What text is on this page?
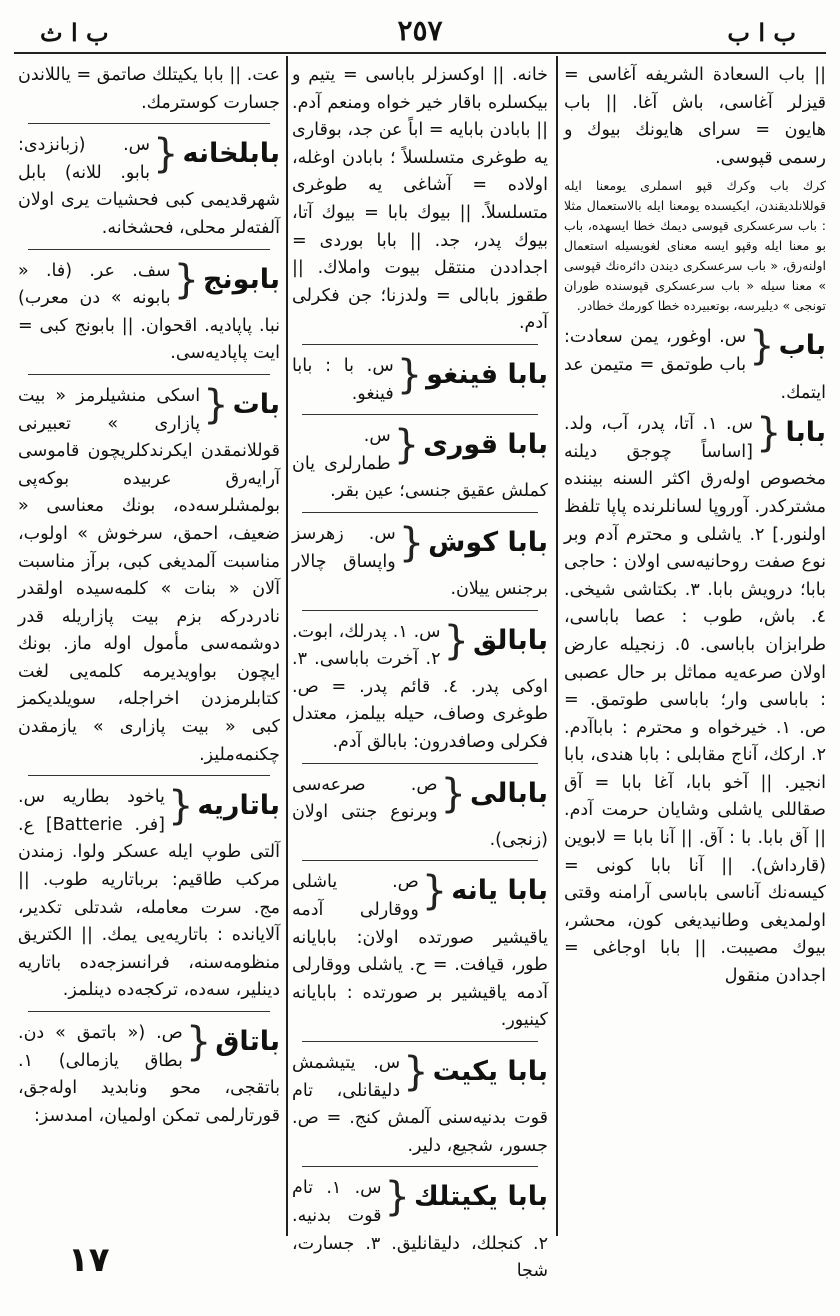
ب ا ث	٢٥٧	ب ا ب

|| باب السعادة الشريفه آغاسى = قيزلر آغاسى، باش آغا. || باب هايون = سراى هايونك بيوك و رسمى قپوسى.

كرك باب وكرك قپو اسملرى يومعنا ايله قوللانلديقندن، ايكيسىده يومعنا ايله بالاستعمال مثلا : باب سرعسكرى قپوسى ديمك خطا ايسهده، باب بو معنا ايله وقپو ايسه معناى لغويسيله استعمال اولنەرق، « باب سرعسكرى ديندن دائرەنك قپوسى » معنا سيله « باب سرعسكرى قپوسنده طوران تونجى » ديليرسه، بوتعبيرده خطا كورمك خطادر.

باب
{
س. اوغور، يمن سعادت: باب طوتمق = متيمن عد ايتمك.
بابا
{
س. ١. آتا، پدر، آب، ولد. [اساساً چوجق ديلنه مخصوص اولەرق اكثر السنه بيننده مشتركدر. آوروپا لسانلرنده پاپا تلفظ اولنور.] ٢. ياشلى و محترم آدم وبر نوع صفت روحانيەسى اولان : حاجى بابا؛ درويش بابا. ٣. بكتاشى شيخى. ٤. باش، طوب : عصا باباسى، طرابزان باباسى. ٥. زنجيله عارض اولان صرعەيه مماثل بر حال عصبى : باباسى وار؛ باباسى طوتمق. = ص. ١. خيرخواه و محترم : باباآدم. ٢. اركك، آناج مقابلى : بابا هندى، بابا انجير. || آخو بابا، آغا بابا = آق صقاللى ياشلى وشايان حرمت آدم. || آق بابا. با : آق. || آنا بابا = لابوين (قارداش). || آنا بابا كونى = كيسەنك آناسى باباسى آرامنه وقتى اولمديغى وطانيديغى كون، محشر، بيوك مصيبت. || بابا اوجاغى = اجدادن منقول

خانه. || اوكسزلر باباسى = يتيم و بيكسلره باقار خير خواه ومنعم آدم. || بابادن بابايه = اباً عن جد، بوقارى يه طوغرى متسلسلاً ؛ بابادن اوغله، اولاده = آشاغى يه طوغرى متسلسلاً. || بيوك بابا = بيوك آتا، بيوك پدر، جد. || بابا بوردى = اجداددن منتقل بيوت واملاك. || طقوز بابالى = ولدزنا؛ جن فكرلى آدم.

بابا فينغو
{
س. با : بابا فينغو.
بابا قورى
{
س. طمارلرى يان كملش عقيق جنسى؛ عين بقر.
بابا كوش
{
س. زهرسز واپساق چالار برجنس ييلان.
بابالق
{
س. ١. پدرلك، ابوت. ٢. آخرت باباسى. ٣. اوكى پدر. ٤. قائم پدر. = ص. طوغرى وصاف، حيله بيلمز، معتدل فكرلى وصافدرون: بابالق آدم.
بابالى
{
ص. صرعەسى وبرنوع جنتى اولان (زنجى).
بابا يانه
{
ص. ياشلى ووقارلى آدمه ياقيشير صورتده اولان: بابايانه طور، قيافت. = ح. ياشلى ووقارلى آدمه ياقيشير بر صورتده : بابايانه كينيور.
بابا يكيت
{
س. يتيشمش دليقانلى، تام قوت بدنيەسنى آلمش كنج. = ص. جسور، شجيع، دلير.
بابا يكيتلك
{
س. ١. تام قوت بدنيه. ٢. كنجلك، دليقانليق. ٣. جسارت، شجا

عت. || بابا يكيتلك صاتمق = ياللاندن جسارت كوسترمك.

بابلخانه
{
س. (زبانزدى: بابو. للانه) بابل شهرقديمى كبى فحشيات يرى اولان آلفتەلر محلى، فحشخانه.
بابونج
{
سف. عر. (فا. « بابونه » دن معرب) نبا. پاپاديه. اقحوان. || بابونج كبى = ايت پاپاديەسى.
بات
{
اسكى منشيلرمز « بيت پازارى » تعبيرنى قوللانمقدن ايكرندكلريچون قاموسى آرايەرق عربيده بوكەپى بولمشلرسەده، بونك معناسى « ضعيف، احمق، سرخوش » اولوب، مناسبت آلمديغى كبى، برآز مناسبت آلان « بنات » كلمەسيده اولقدر نادردركه بزم بيت پازاريله قدر دوشمەسى مأمول اوله ماز. بونك ايچون بواويديرمه كلمەيى لغت كتابلرمزدن اخراجله، سويلديكمز كبى « بيت پازارى » يازمقدن چكنمەمليز.
باتاريه
{
ياخود بطاريه س. [فر. Batterie] ع. آلتى طوپ ايله عسكر ولوا. زمندن مركب طاقيم: برباتاريه طوب. || مج. سرت معامله، شدتلى تكدير، آلاياندە : باتاريەيى يمك. || الكتريق منظومەسنه، فرانسزجەده باتاريه دينلير، سەده، تركجەده دينلمز.
باتاق
{
ص. (« باتمق » دن. بطاق يازمالى) ١. باتقجى، محو ونابديد اولەجق، قورتارلمى تمكن اولميان، امىدسز:
١٧
